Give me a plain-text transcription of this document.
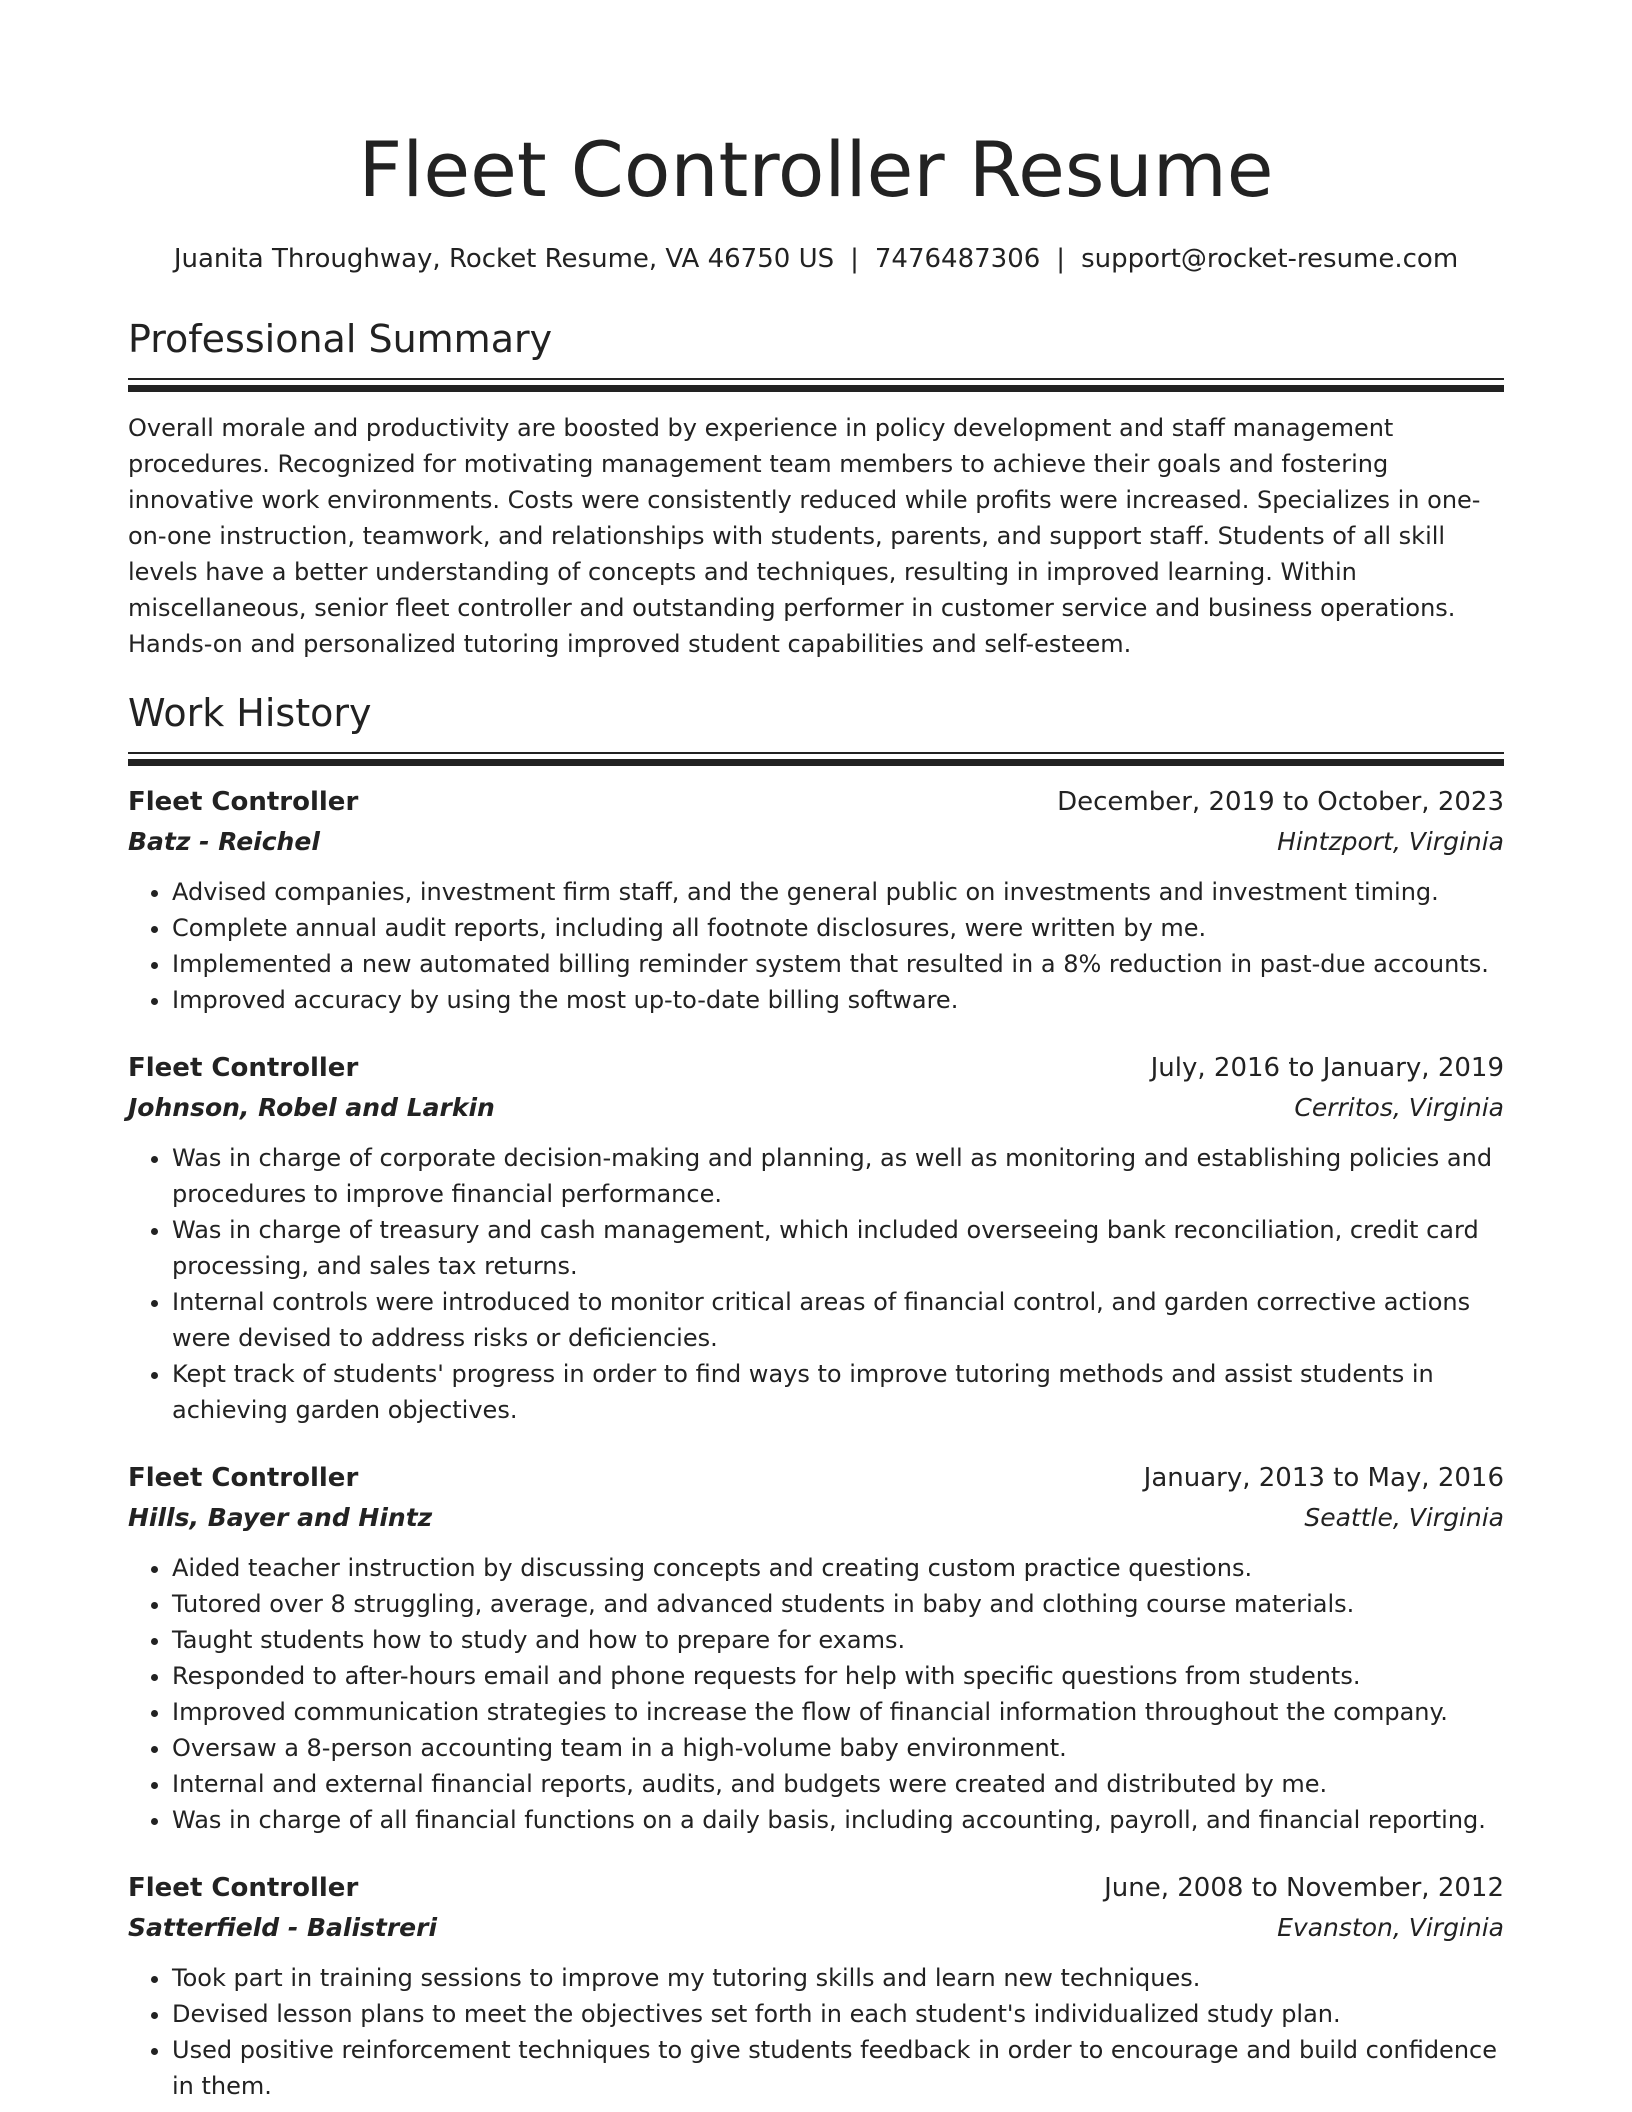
Fleet Controller Resume
Juanita Throughway, Rocket Resume, VA 46750 US | 7476487306 | support@rocket-resume.com
Professional Summary

Overall morale and productivity are boosted by experience in policy development and staff management procedures. Recognized for motivating management team members to achieve their goals and fostering innovative work environments. Costs were consistently reduced while profits were increased. Specializes in one-on-one instruction, teamwork, and relationships with students, parents, and support staff. Students of all skill levels have a better understanding of concepts and techniques, resulting in improved learning. Within miscellaneous, senior fleet controller and outstanding performer in customer service and business operations. Hands-on and personalized tutoring improved student capabilities and self-esteem.

Work History
Fleet Controller	December, 2019 to October, 2023
Batz - Reichel	Hintzport, Virginia
• Advised companies, investment firm staff, and the general public on investments and investment timing.
• Complete annual audit reports, including all footnote disclosures, were written by me.
• Implemented a new automated billing reminder system that resulted in a 8% reduction in past-due accounts.
• Improved accuracy by using the most up-to-date billing software.
Fleet Controller	July, 2016 to January, 2019
Johnson, Robel and Larkin	Cerritos, Virginia
• Was in charge of corporate decision-making and planning, as well as monitoring and establishing policies and procedures to improve financial performance.
• Was in charge of treasury and cash management, which included overseeing bank reconciliation, credit card processing, and sales tax returns.
• Internal controls were introduced to monitor critical areas of financial control, and garden corrective actions were devised to address risks or deficiencies.
• Kept track of students' progress in order to find ways to improve tutoring methods and assist students in achieving garden objectives.
Fleet Controller	January, 2013 to May, 2016
Hills, Bayer and Hintz	Seattle, Virginia
• Aided teacher instruction by discussing concepts and creating custom practice questions.
• Tutored over 8 struggling, average, and advanced students in baby and clothing course materials.
• Taught students how to study and how to prepare for exams.
• Responded to after-hours email and phone requests for help with specific questions from students.
• Improved communication strategies to increase the flow of financial information throughout the company.
• Oversaw a 8-person accounting team in a high-volume baby environment.
• Internal and external financial reports, audits, and budgets were created and distributed by me.
• Was in charge of all financial functions on a daily basis, including accounting, payroll, and financial reporting.
Fleet Controller	June, 2008 to November, 2012
Satterfield - Balistreri	Evanston, Virginia
• Took part in training sessions to improve my tutoring skills and learn new techniques.
• Devised lesson plans to meet the objectives set forth in each student's individualized study plan.
• Used positive reinforcement techniques to give students feedback in order to encourage and build confidence in them.
